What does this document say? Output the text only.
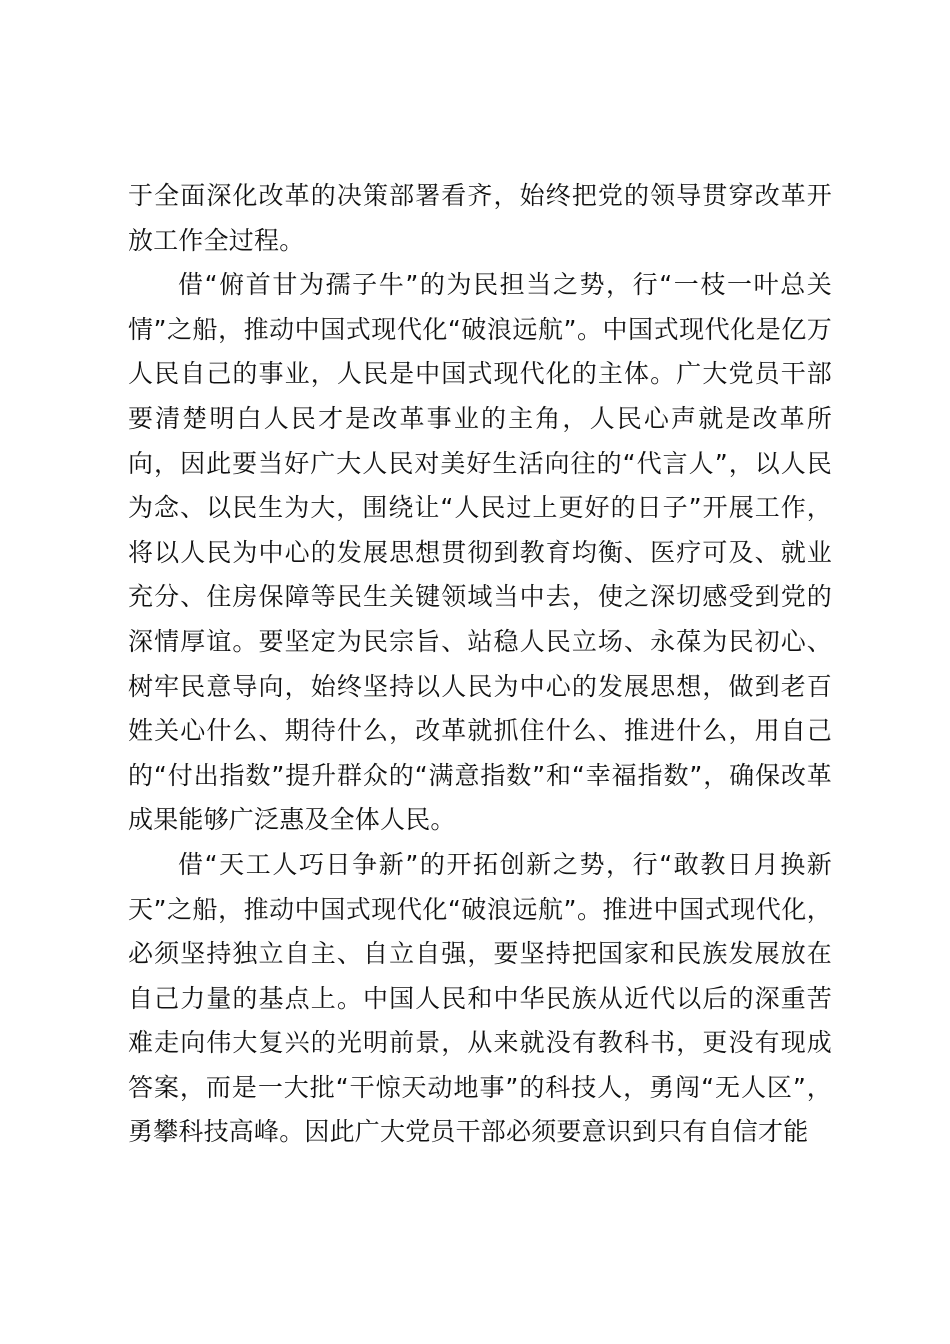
于全面深化改革的决策部署看齐，始终把党的领导贯穿改革开放工作全过程。

借“俯首甘为孺子牛”的为民担当之势，行“一枝一叶总关情”之船，推动中国式现代化“破浪远航”。中国式现代化是亿万人民自己的事业，人民是中国式现代化的主体。广大党员干部要清楚明白人民才是改革事业的主角，人民心声就是改革所向，因此要当好广大人民对美好生活向往的“代言人”，以人民为念、以民生为大，围绕让“人民过上更好的日子”开展工作，将以人民为中心的发展思想贯彻到教育均衡、医疗可及、就业充分、住房保障等民生关键领域当中去，使之深切感受到党的深情厚谊。要坚定为民宗旨、站稳人民立场、永葆为民初心、树牢民意导向，始终坚持以人民为中心的发展思想，做到老百姓关心什么、期待什么，改革就抓住什么、推进什么，用自己的“付出指数”提升群众的“满意指数”和“幸福指数”，确保改革成果能够广泛惠及全体人民。

借“天工人巧日争新”的开拓创新之势，行“敢教日月换新天”之船，推动中国式现代化“破浪远航”。推进中国式现代化，必须坚持独立自主、自立自强，要坚持把国家和民族发展放在自己力量的基点上。中国人民和中华民族从近代以后的深重苦难走向伟大复兴的光明前景，从来就没有教科书，更没有现成答案，而是一大批“干惊天动地事”的科技人，勇闯“无人区”，勇攀科技高峰。因此广大党员干部必须要意识到只有自信才能
